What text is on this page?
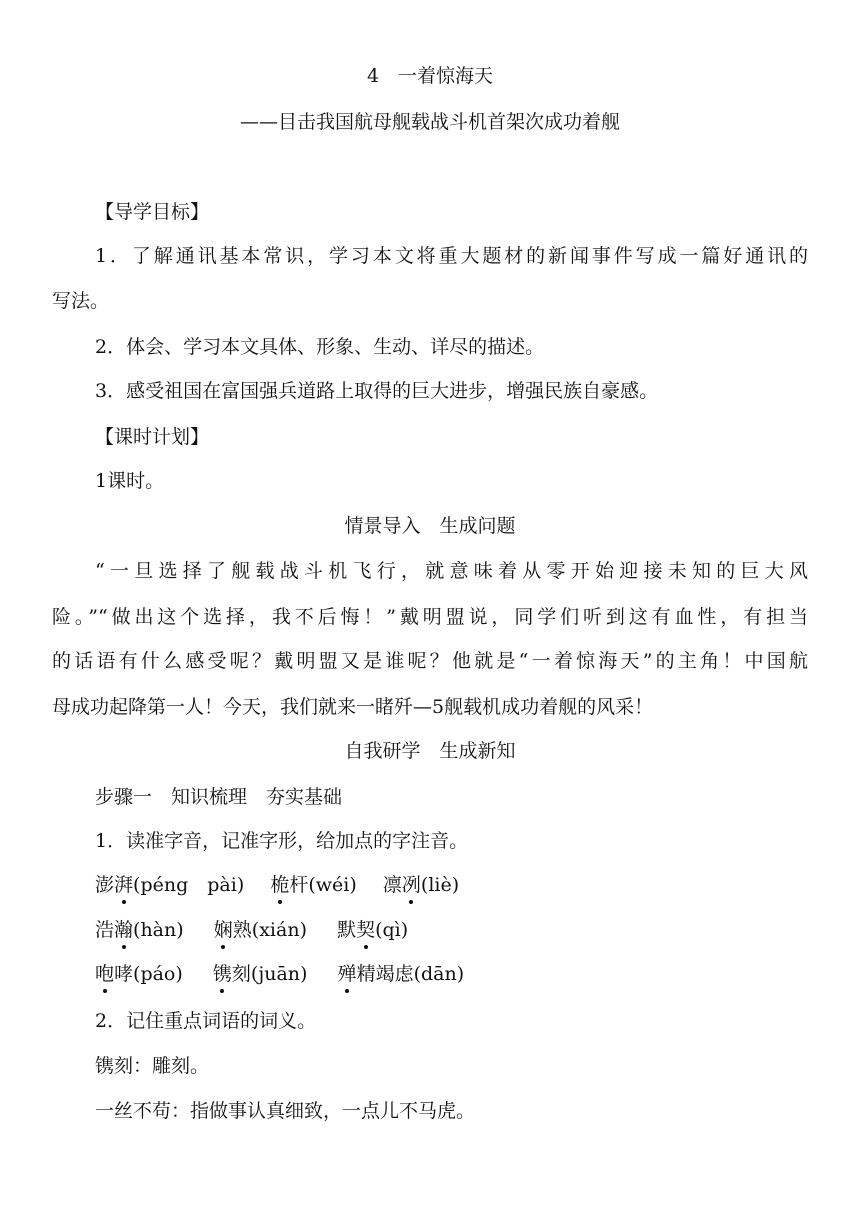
4　一着惊海天
——目击我国航母舰载战斗机首架次成功着舰
【导学目标】
1．了解通讯基本常识，学习本文将重大题材的新闻事件写成一篇好通讯的
写法。
2．体会、学习本文具体、形象、生动、详尽的描述。
3．感受祖国在富国强兵道路上取得的巨大进步，增强民族自豪感。
【课时计划】
1课时。
情景导入　生成问题
“一旦选择了舰载战斗机飞行，就意味着从零开始迎接未知的巨大风
险。”“做出这个选择，我不后悔！”戴明盟说，同学们听到这有血性，有担当
的话语有什么感受呢？戴明盟又是谁呢？他就是“一着惊海天”的主角！中国航
母成功起降第一人！今天，我们就来一睹歼—5舰载机成功着舰的风采！
自我研学　生成新知
步骤一　知识梳理　夯实基础
1．读准字音，记准字形，给加点的字注音。
澎湃(péng　pài) 桅杆(wéi) 凛冽(liè)
浩瀚(hàn) 娴熟(xián) 默契(qì)
咆哮(páo) 镌刻(juān) 殚精竭虑(dān)
2．记住重点词语的词义。
镌刻：雕刻。
一丝不苟：指做事认真细致，一点儿不马虎。
